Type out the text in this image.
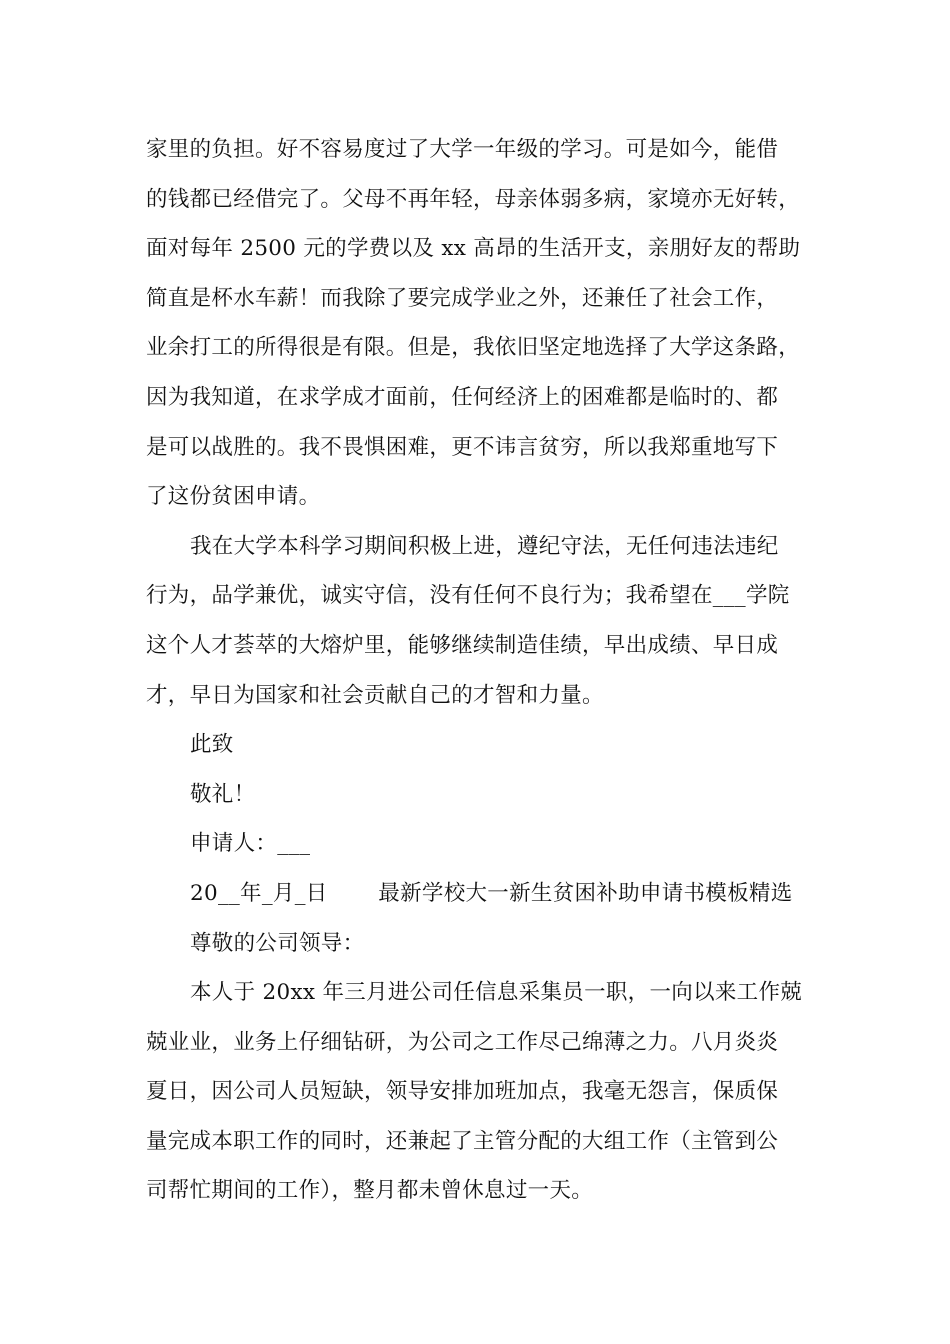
家里的负担。好不容易度过了大学一年级的学习。可是如今，能借
的钱都已经借完了。父母不再年轻，母亲体弱多病，家境亦无好转，
面对每年 2500 元的学费以及 xx 高昂的生活开支，亲朋好友的帮助
简直是杯水车薪！而我除了要完成学业之外，还兼任了社会工作，
业余打工的所得很是有限。但是，我依旧坚定地选择了大学这条路，
因为我知道，在求学成才面前，任何经济上的困难都是临时的、都
是可以战胜的。我不畏惧困难，更不讳言贫穷，所以我郑重地写下
了这份贫困申请。
我在大学本科学习期间积极上进，遵纪守法，无任何违法违纪
行为，品学兼优，诚实守信，没有任何不良行为；我希望在___学院
这个人才荟萃的大熔炉里，能够继续制造佳绩，早出成绩、早日成
才，早日为国家和社会贡献自己的才智和力量。
此致
敬礼！
申请人：___
20__年_月_日　　 最新学校大一新生贫困补助申请书模板精选
尊敬的公司领导：
本人于 20xx 年三月进公司任信息采集员一职，一向以来工作兢
兢业业，业务上仔细钻研，为公司之工作尽己绵薄之力。八月炎炎
夏日，因公司人员短缺，领导安排加班加点，我毫无怨言，保质保
量完成本职工作的同时，还兼起了主管分配的大组工作（主管到公
司帮忙期间的工作），整月都未曾休息过一天。
